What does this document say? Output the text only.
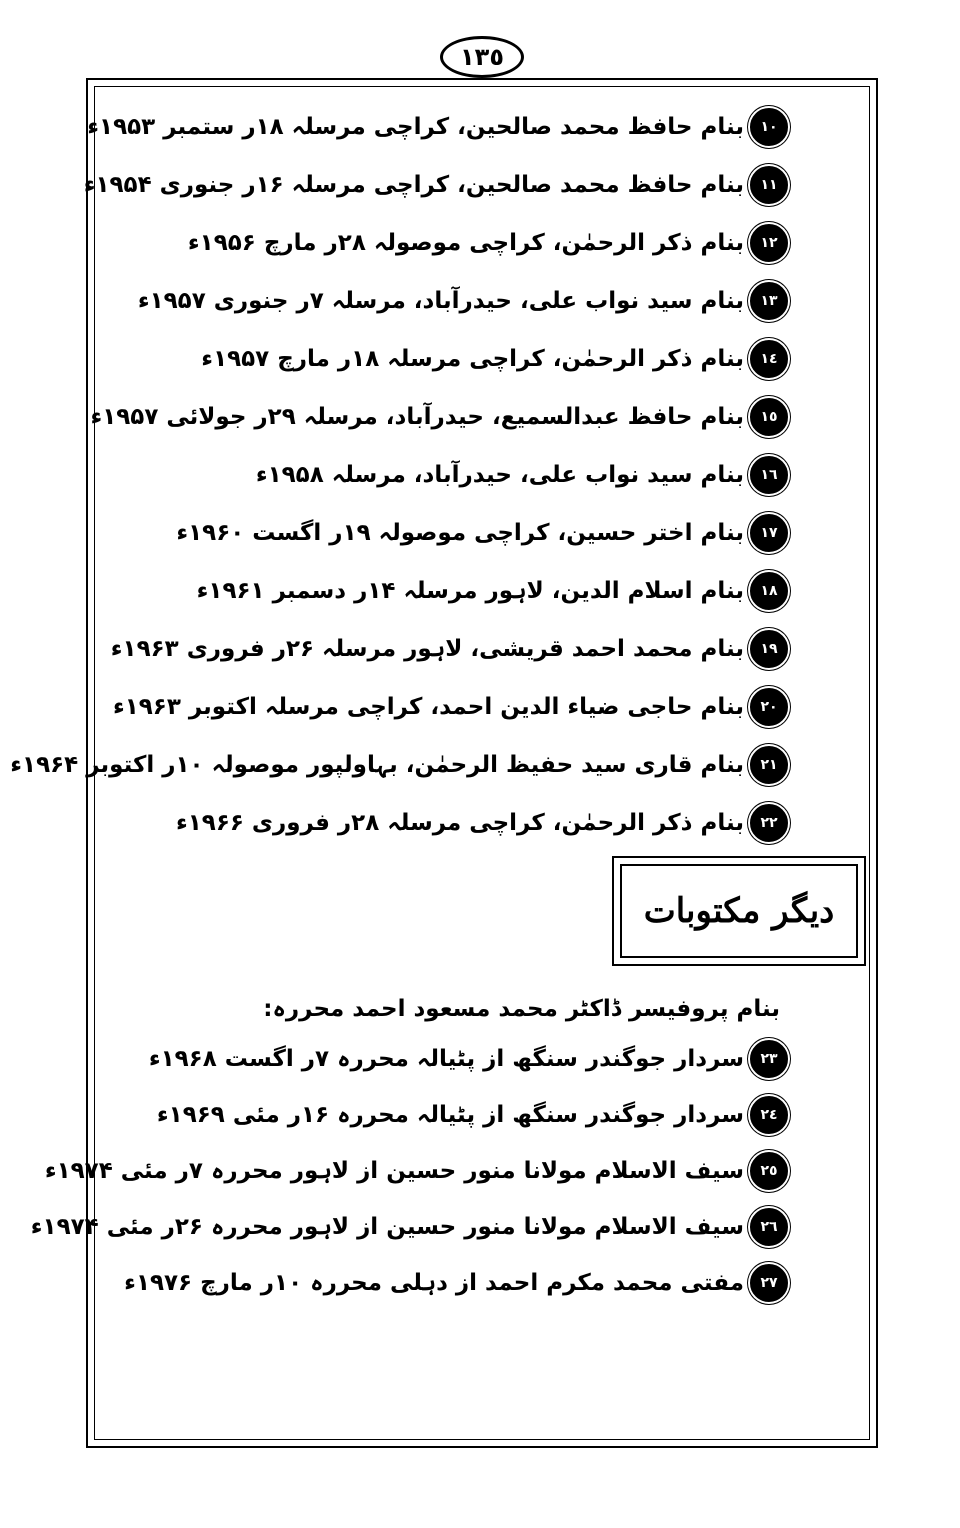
١٣٥
بنام حافظ محمد صالحین، کراچی مرسلہ ۱۸ر ستمبر ۱۹۵۳ء	١٠
بنام حافظ محمد صالحین، کراچی مرسلہ ۱۶ر جنوری ۱۹۵۴ء	١١
بنام ذکر الرحمٰن، کراچی موصولہ ۲۸ر مارچ ۱۹۵۶ء	١٢
بنام سید نواب علی، حیدرآباد، مرسلہ ۷ر جنوری ۱۹۵۷ء	١٣
بنام ذکر الرحمٰن، کراچی مرسلہ ۱۸ر مارچ ۱۹۵۷ء	١٤
بنام حافظ عبدالسمیع، حیدرآباد، مرسلہ ۲۹ر جولائی ۱۹۵۷ء	١٥
بنام سید نواب علی، حیدرآباد، مرسلہ ۱۹۵۸ء	١٦
بنام اختر حسین، کراچی موصولہ ۱۹ر اگست ۱۹۶۰ء	١٧
بنام اسلام الدین، لاہور مرسلہ ۱۴ر دسمبر ۱۹۶۱ء	١٨
بنام محمد احمد قریشی، لاہور مرسلہ ۲۶ر فروری ۱۹۶۳ء	١٩
بنام حاجی ضیاء الدین احمد، کراچی مرسلہ اکتوبر ۱۹۶۳ء	٢٠
بنام قاری سید حفیظ الرحمٰن، بہاولپور موصولہ ۱۰ر اکتوبر ۱۹۶۴ء	٢١
بنام ذکر الرحمٰن، کراچی مرسلہ ۲۸ر فروری ۱۹۶۶ء	٢٢
دیگر مکتوبات
بنام پروفیسر ڈاکٹر محمد مسعود احمد محررہ:
سردار جوگندر سنگھ از پٹیالہ محررہ ۷ر اگست ۱۹۶۸ء	٢٣
سردار جوگندر سنگھ از پٹیالہ محررہ ۱۶ر مئی ۱۹۶۹ء	٢٤
سیف الاسلام مولانا منور حسین از لاہور محررہ ۷ر مئی ۱۹۷۴ء	٢٥
سیف الاسلام مولانا منور حسین از لاہور محررہ ۲۶ر مئی ۱۹۷۴ء	٢٦
مفتی محمد مکرم احمد از دہلی محررہ ۱۰ر مارچ ۱۹۷۶ء	٢٧
